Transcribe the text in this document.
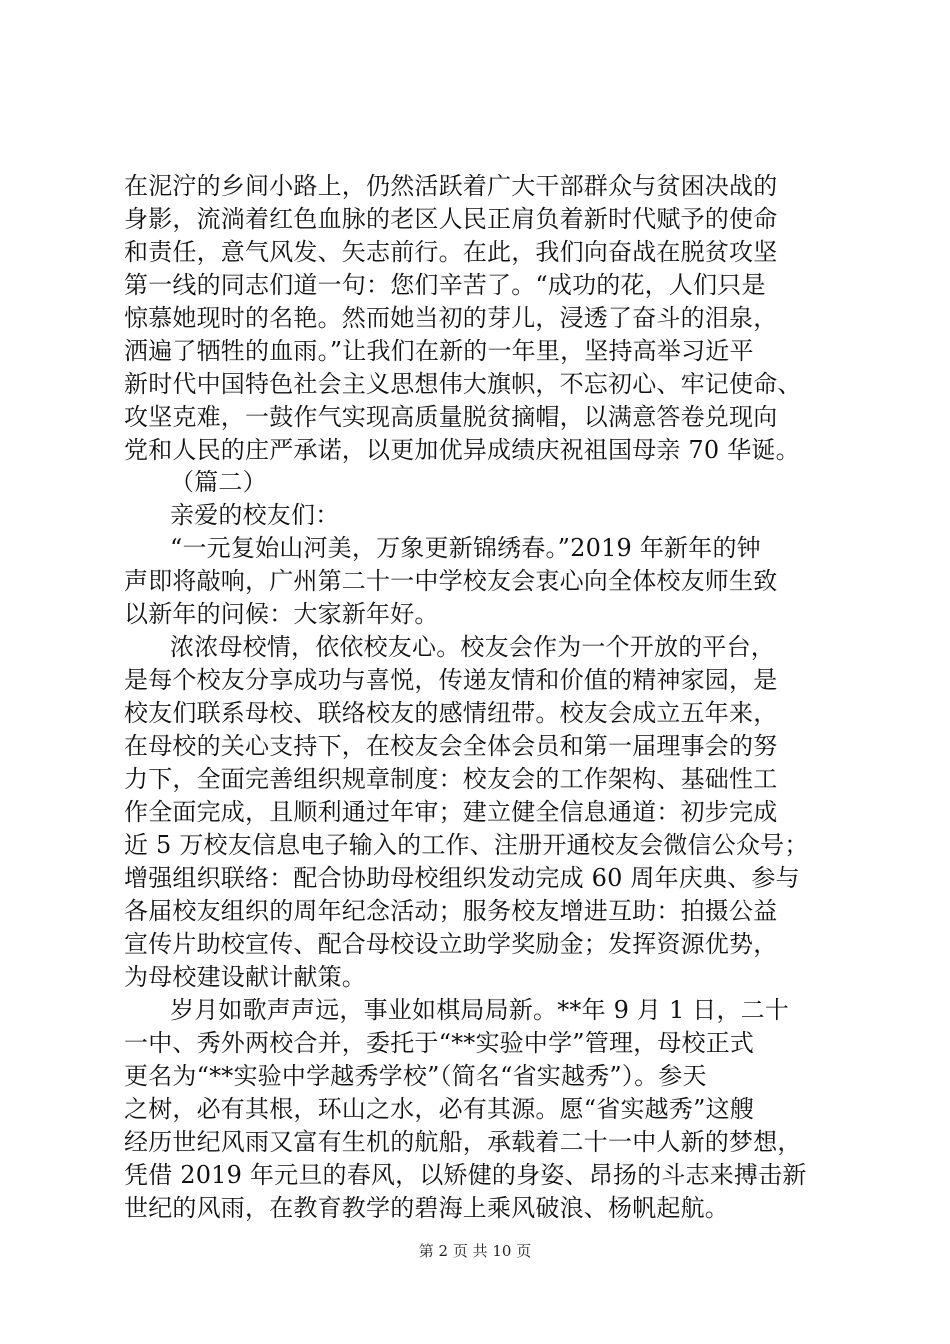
在泥泞的乡间小路上，仍然活跃着广大干部群众与贫困决战的
身影，流淌着红色血脉的老区人民正肩负着新时代赋予的使命
和责任，意气风发、矢志前行。在此，我们向奋战在脱贫攻坚
第一线的同志们道一句：您们辛苦了。“成功的花，人们只是
惊慕她现时的名艳。然而她当初的芽儿，浸透了奋斗的泪泉，
洒遍了牺牲的血雨。”让我们在新的一年里，坚持高举习近平
新时代中国特色社会主义思想伟大旗帜，不忘初心、牢记使命、
攻坚克难，一鼓作气实现高质量脱贫摘帽，以满意答卷兑现向
党和人民的庄严承诺，以更加优异成绩庆祝祖国母亲 70 华诞。
（篇二）
亲爱的校友们：
“一元复始山河美，万象更新锦绣春。”2019 年新年的钟
声即将敲响，广州第二十一中学校友会衷心向全体校友师生致
以新年的问候：大家新年好。
浓浓母校情，依依校友心。校友会作为一个开放的平台，
是每个校友分享成功与喜悦，传递友情和价值的精神家园，是
校友们联系母校、联络校友的感情纽带。校友会成立五年来，
在母校的关心支持下，在校友会全体会员和第一届理事会的努
力下，全面完善组织规章制度：校友会的工作架构、基础性工
作全面完成，且顺利通过年审；建立健全信息通道：初步完成
近 5 万校友信息电子输入的工作、注册开通校友会微信公众号；
增强组织联络：配合协助母校组织发动完成 60 周年庆典、参与
各届校友组织的周年纪念活动；服务校友增进互助：拍摄公益
宣传片助校宣传、配合母校设立助学奖励金；发挥资源优势，
为母校建设献计献策。
岁月如歌声声远，事业如棋局局新。**年 9 月 1 日，二十
一中、秀外两校合并，委托于“**实验中学”管理，母校正式
更名为“**实验中学越秀学校”（简名“省实越秀”）。参天
之树，必有其根，环山之水，必有其源。愿“省实越秀”这艘
经历世纪风雨又富有生机的航船，承载着二十一中人新的梦想，
凭借 2019 年元旦的春风，以矫健的身姿、昂扬的斗志来搏击新
第 2 页 共 10 页
世纪的风雨，在教育教学的碧海上乘风破浪、杨帆起航。
